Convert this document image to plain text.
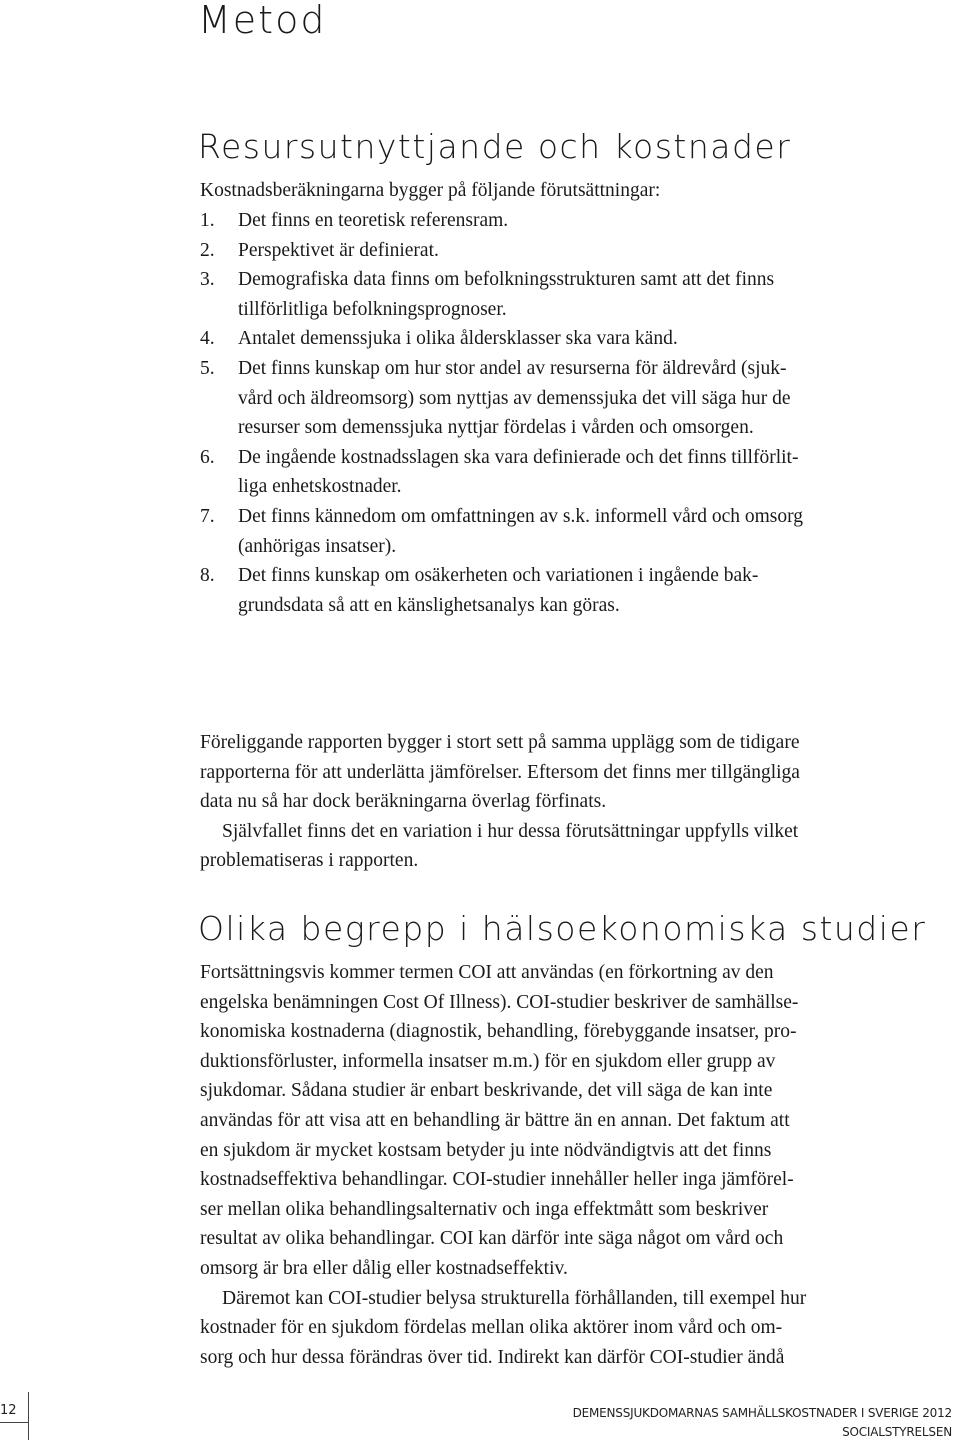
Metod
Resursutnyttjande och kostnader
Kostnadsberäkningarna bygger på följande förutsättningar:
1. Det finns en teoretisk referensram.
2. Perspektivet är definierat.
3. Demografiska data finns om befolkningsstrukturen samt att det finns
tillförlitliga befolkningsprognoser.
4. Antalet demenssjuka i olika åldersklasser ska vara känd.
5. Det finns kunskap om hur stor andel av resurserna för äldrevård (sjuk-
vård och äldreomsorg) som nyttjas av demenssjuka det vill säga hur de
resurser som demenssjuka nyttjar fördelas i vården och omsorgen.
6. De ingående kostnadsslagen ska vara definierade och det finns tillförlit-
liga enhetskostnader.
7. Det finns kännedom om omfattningen av s.k. informell vård och omsorg
(anhörigas insatser).
8. Det finns kunskap om osäkerheten och variationen i ingående bak-
grundsdata så att en känslighetsanalys kan göras.
Föreliggande rapporten bygger i stort sett på samma upplägg som de tidigare
rapporterna för att underlätta jämförelser. Eftersom det finns mer tillgängliga
data nu så har dock beräkningarna överlag förfinats.
Självfallet finns det en variation i hur dessa förutsättningar uppfylls vilket
problematiseras i rapporten.
Olika begrepp i hälsoekonomiska studier
Fortsättningsvis kommer termen COI att användas (en förkortning av den
engelska benämningen Cost Of Illness). COI-studier beskriver de samhällse-
konomiska kostnaderna (diagnostik, behandling, förebyggande insatser, pro-
duktionsförluster, informella insatser m.m.) för en sjukdom eller grupp av
sjukdomar. Sådana studier är enbart beskrivande, det vill säga de kan inte
användas för att visa att en behandling är bättre än en annan. Det faktum att
en sjukdom är mycket kostsam betyder ju inte nödvändigtvis att det finns
kostnadseffektiva behandlingar. COI-studier innehåller heller inga jämförel-
ser mellan olika behandlingsalternativ och inga effektmått som beskriver
resultat av olika behandlingar. COI kan därför inte säga något om vård och
omsorg är bra eller dålig eller kostnadseffektiv.
Däremot kan COI-studier belysa strukturella förhållanden, till exempel hur
kostnader för en sjukdom fördelas mellan olika aktörer inom vård och om-
sorg och hur dessa förändras över tid. Indirekt kan därför COI-studier ändå
12	DEMENSSJUKDOMARNAS SAMHÄLLSKOSTNADER I SVERIGE 2012
SOCIALSTYRELSEN
